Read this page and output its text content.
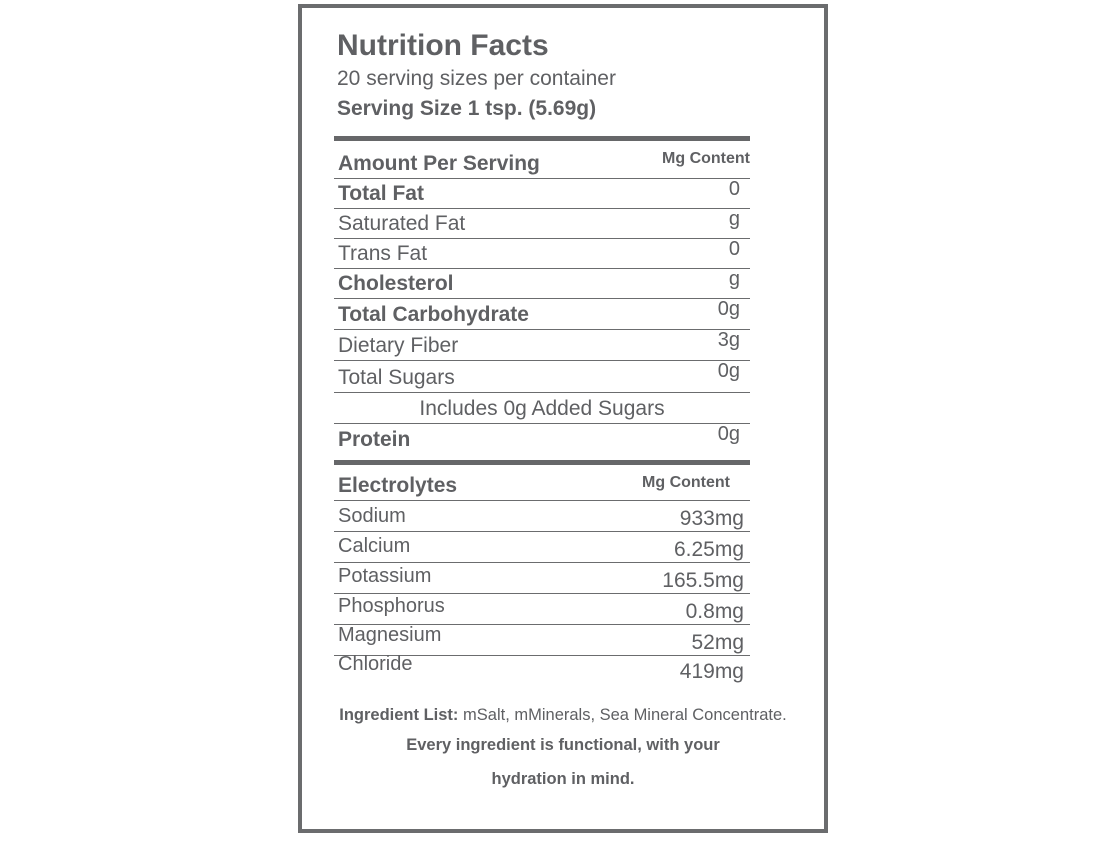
Nutrition Facts
20 serving sizes per container
Serving Size 1 tsp. (5.69g)
Amount Per Serving	Mg Content
Total Fat	0
Saturated Fat	g
Trans Fat	0
Cholesterol	g
Total Carbohydrate	0g
Dietary Fiber	3g
Total Sugars	0g
Includes 0g Added Sugars
Protein	0g
Electrolytes	Mg Content
Sodium	933mg
Calcium	6.25mg
Potassium	165.5mg
Phosphorus	0.8mg
Magnesium	52mg
Chloride	419mg
Ingredient List: mSalt, mMinerals, Sea Mineral Concentrate.
Every ingredient is functional, with your
hydration in mind.
